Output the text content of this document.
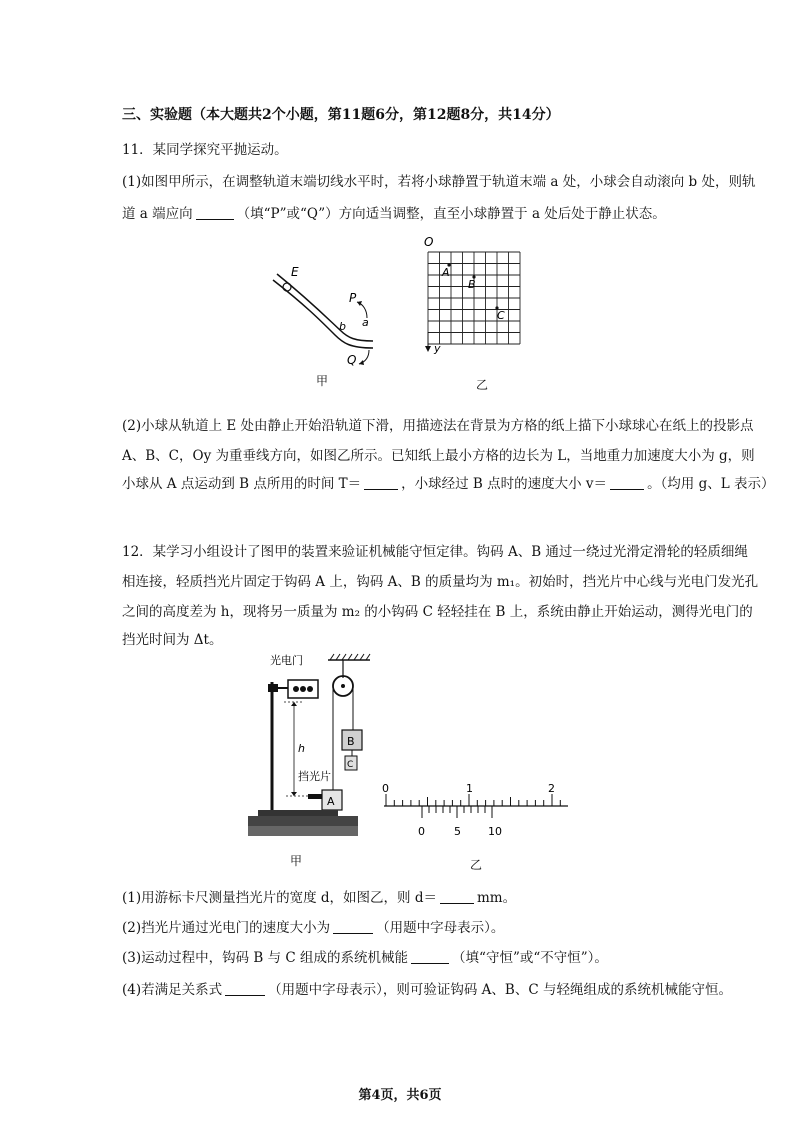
三、实验题（本大题共2个小题，第11题6分，第12题8分，共14分）
11．某同学探究平抛运动。
(1)如图甲所示，在调整轨道末端切线水平时，若将小球静置于轨道末端 a 处，小球会自动滚向 b 处，则轨
道 a 端应向	（填“P”或“Q”）方向适当调整，直至小球静置于 a 处后处于静止状态。
E
P
b a
Q
O
A
B
C
y
甲	乙
(2)小球从轨道上 E 处由静止开始沿轨道下滑，用描迹法在背景为方格的纸上描下小球球心在纸上的投影点
A、B、C，Oy 为重垂线方向，如图乙所示。已知纸上最小方格的边长为 L，当地重力加速度大小为 g，则
小球从 A 点运动到 B 点所用的时间 T＝	，小球经过 B 点时的速度大小 v＝	。（均用 g、L 表示）
12．某学习小组设计了图甲的装置来验证机械能守恒定律。钩码 A、B 通过一绕过光滑定滑轮的轻质细绳
相连接，轻质挡光片固定于钩码 A 上，钩码 A、B 的质量均为 m₁。初始时，挡光片中心线与光电门发光孔
之间的高度差为 h，现将另一质量为 m₂ 的小钩码 C 轻轻挂在 B 上，系统由静止开始运动，测得光电门的
挡光时间为 Δt。
光电门
B
C
A
挡光片
h
0	1	2
0	5 10
甲	乙
(1)用游标卡尺测量挡光片的宽度 d，如图乙，则 d＝	mm。
(2)挡光片通过光电门的速度大小为	（用题中字母表示）。
(3)运动过程中，钩码 B 与 C 组成的系统机械能	（填“守恒”或“不守恒”）。
(4)若满足关系式	（用题中字母表示），则可验证钩码 A、B、C 与轻绳组成的系统机械能守恒。
第4页，共6页
